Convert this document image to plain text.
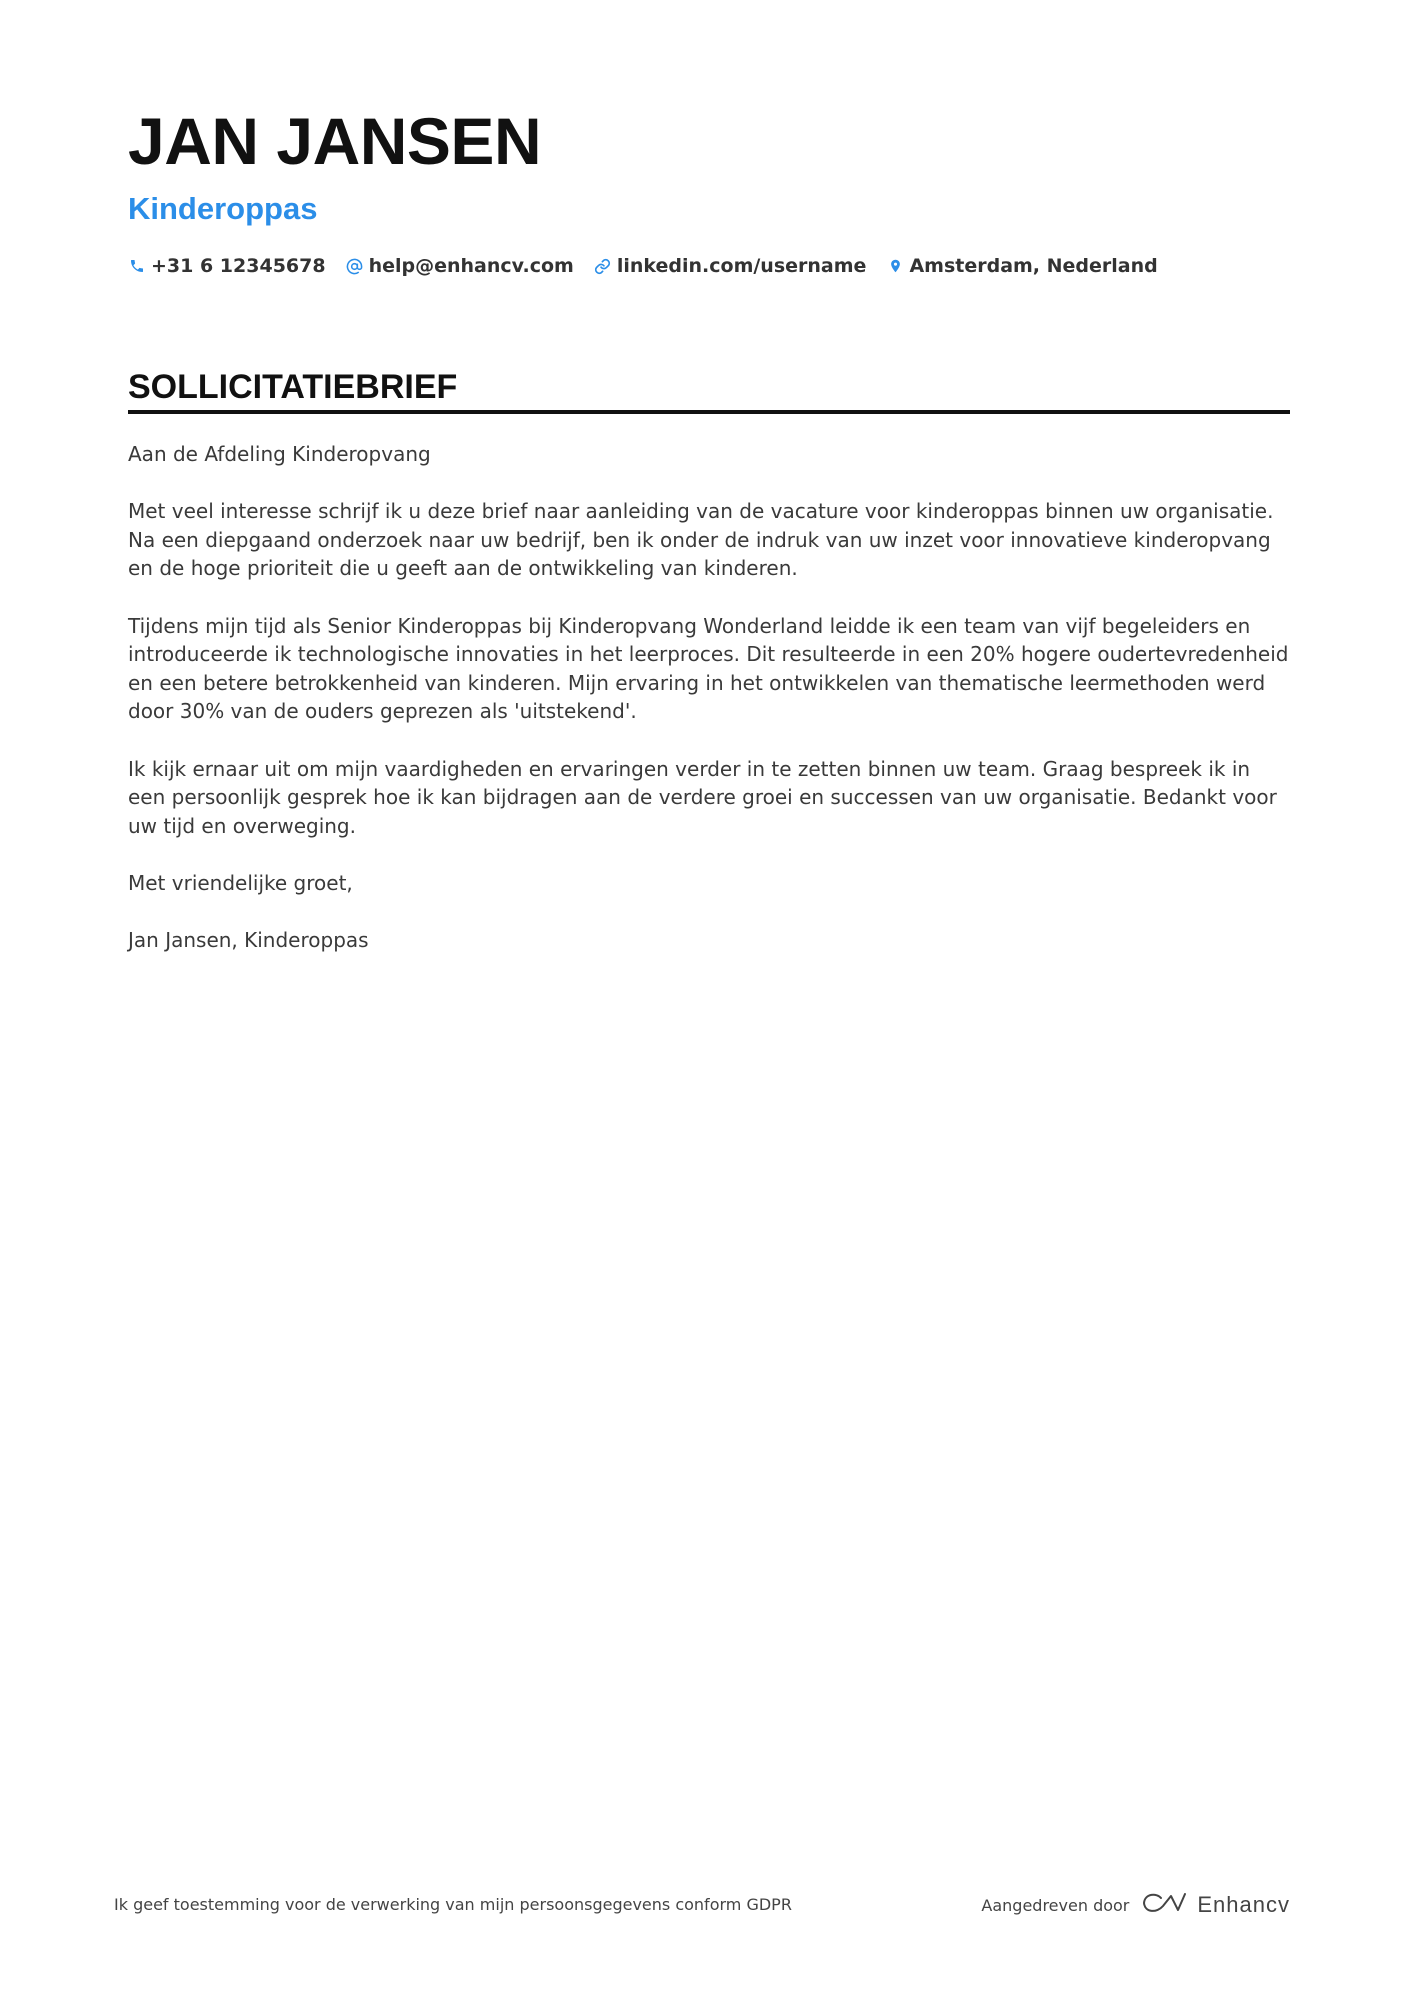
JAN JANSEN
Kinderoppas
+31 6 12345678 help@enhancv.com linkedin.com/username Amsterdam, Nederland
SOLLICITATIEBRIEF

Aan de Afdeling Kinderopvang

Met veel interesse schrijf ik u deze brief naar aanleiding van de vacature voor kinderoppas binnen uw organisatie. Na een diepgaand onderzoek naar uw bedrijf, ben ik onder de indruk van uw inzet voor innovatieve kinderopvang en de hoge prioriteit die u geeft aan de ontwikkeling van kinderen.

Tijdens mijn tijd als Senior Kinderoppas bij Kinderopvang Wonderland leidde ik een team van vijf begeleiders en introduceerde ik technologische innovaties in het leerproces. Dit resulteerde in een 20% hogere oudertevredenheid en een betere betrokkenheid van kinderen. Mijn ervaring in het ontwikkelen van thematische leermethoden werd door 30% van de ouders geprezen als 'uitstekend'.

Ik kijk ernaar uit om mijn vaardigheden en ervaringen verder in te zetten binnen uw team. Graag bespreek ik in een persoonlijk gesprek hoe ik kan bijdragen aan de verdere groei en successen van uw organisatie. Bedankt voor uw tijd en overweging.

Met vriendelijke groet,

Jan Jansen, Kinderoppas

Ik geef toestemming voor de verwerking van mijn persoonsgegevens conform GDPR	Aangedreven door	Enhancv
